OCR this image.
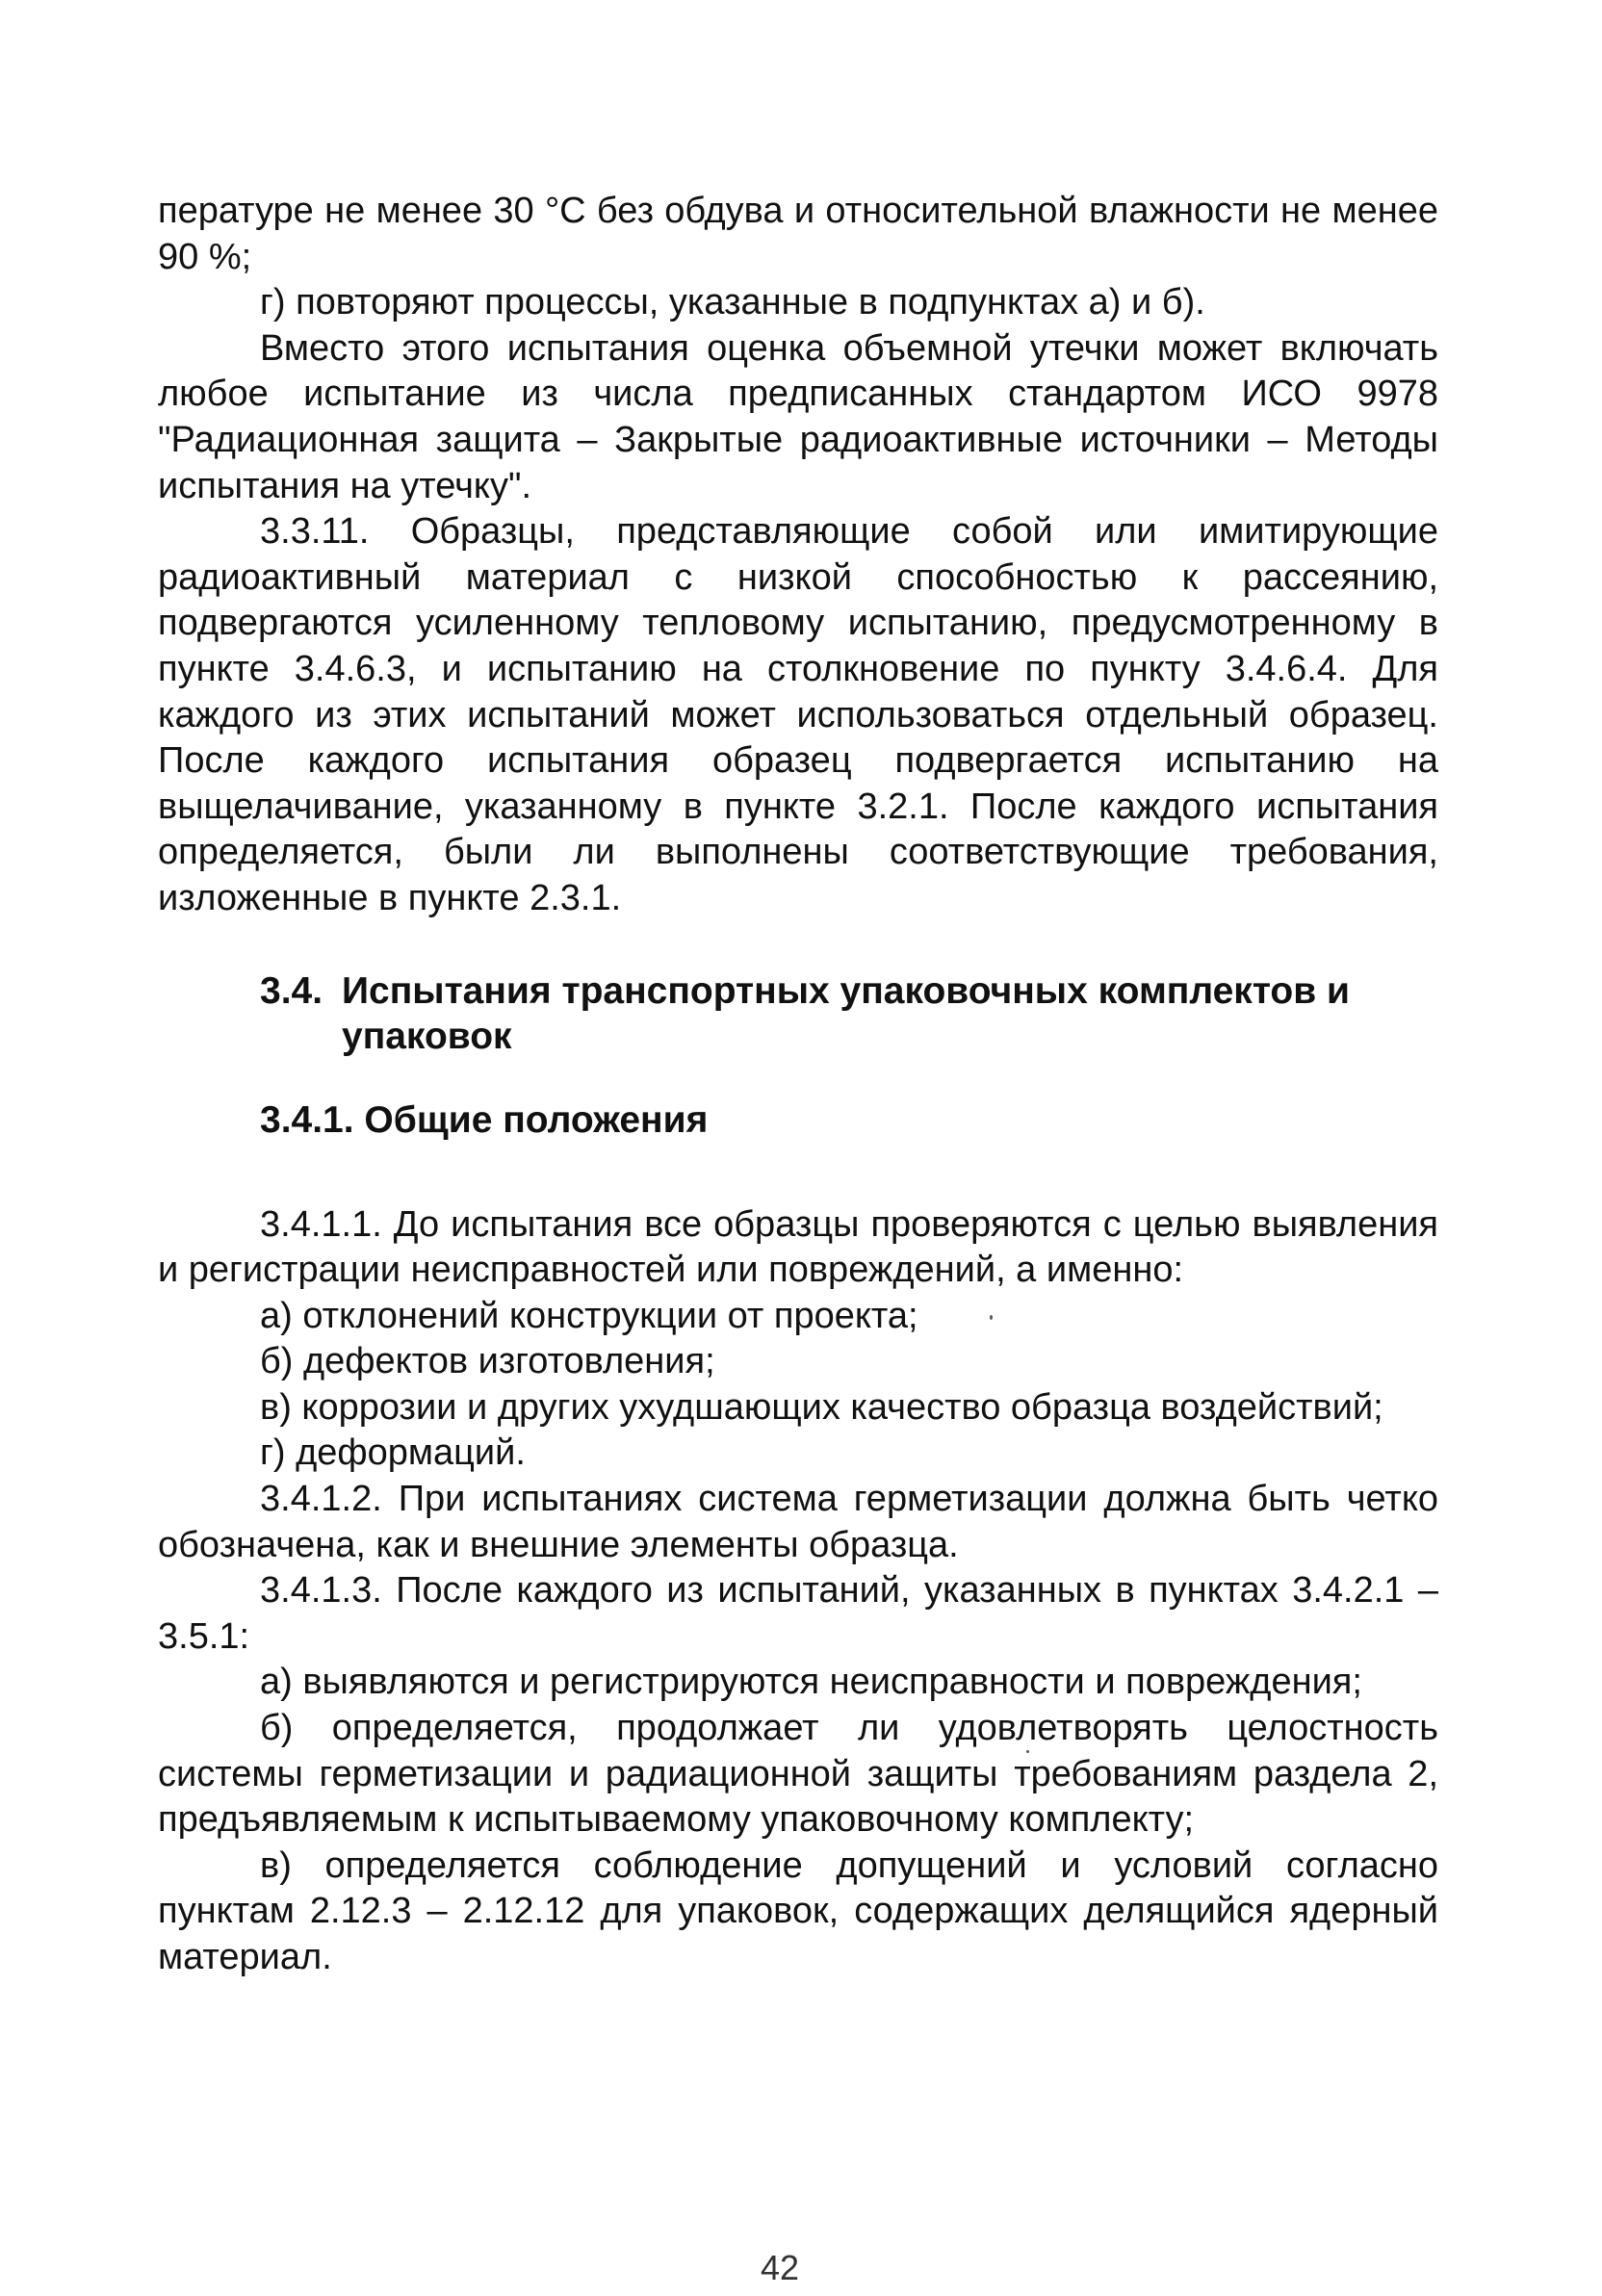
пературе не менее 30 °С без обдува и относительной влажности не менее 90 %;

г) повторяют процессы, указанные в подпунктах а) и б).

Вместо этого испытания оценка объемной утечки может включать любое испытание из числа предписанных стандартом ИСО 9978 "Радиационная защита – Закрытые радиоактивные источники – Методы испытания на утечку".

3.3.11. Образцы, представляющие собой или имитирующие радиоактивный материал с низкой способностью к рассеянию, подвергаются усиленному тепловому испытанию, предусмотренному в пункте 3.4.6.3, и испытанию на столкновение по пункту 3.4.6.4. Для каждого из этих испытаний может использоваться отдельный образец. После каждого испытания образец подвергается испытанию на выщелачивание, указанному в пункте 3.2.1. После каждого испытания определяется, были ли выполнены соответствующие требования, изложенные в пункте 2.3.1.

3.4. Испытания транспортных упаковочных комплектов и упаковок
3.4.1. Общие положения

3.4.1.1. До испытания все образцы проверяются с целью выявления и регистрации неисправностей или повреждений, а именно:

а) отклонений конструкции от проекта;

б) дефектов изготовления;

в) коррозии и других ухудшающих качество образца воздействий;

г) деформаций.

3.4.1.2. При испытаниях система герметизации должна быть четко обозначена, как и внешние элементы образца.

3.4.1.3. После каждого из испытаний, указанных в пунктах 3.4.2.1 – 3.5.1:

а) выявляются и регистрируются неисправности и повреждения;

б) определяется, продолжает ли удовлетворять целостность системы герметизации и радиационной защиты требованиям раздела 2, предъявляемым к испытываемому упаковочному комплекту;

в) определяется соблюдение допущений и условий согласно пунктам 2.12.3 – 2.12.12 для упаковок, содержащих делящийся ядерный материал.

42
